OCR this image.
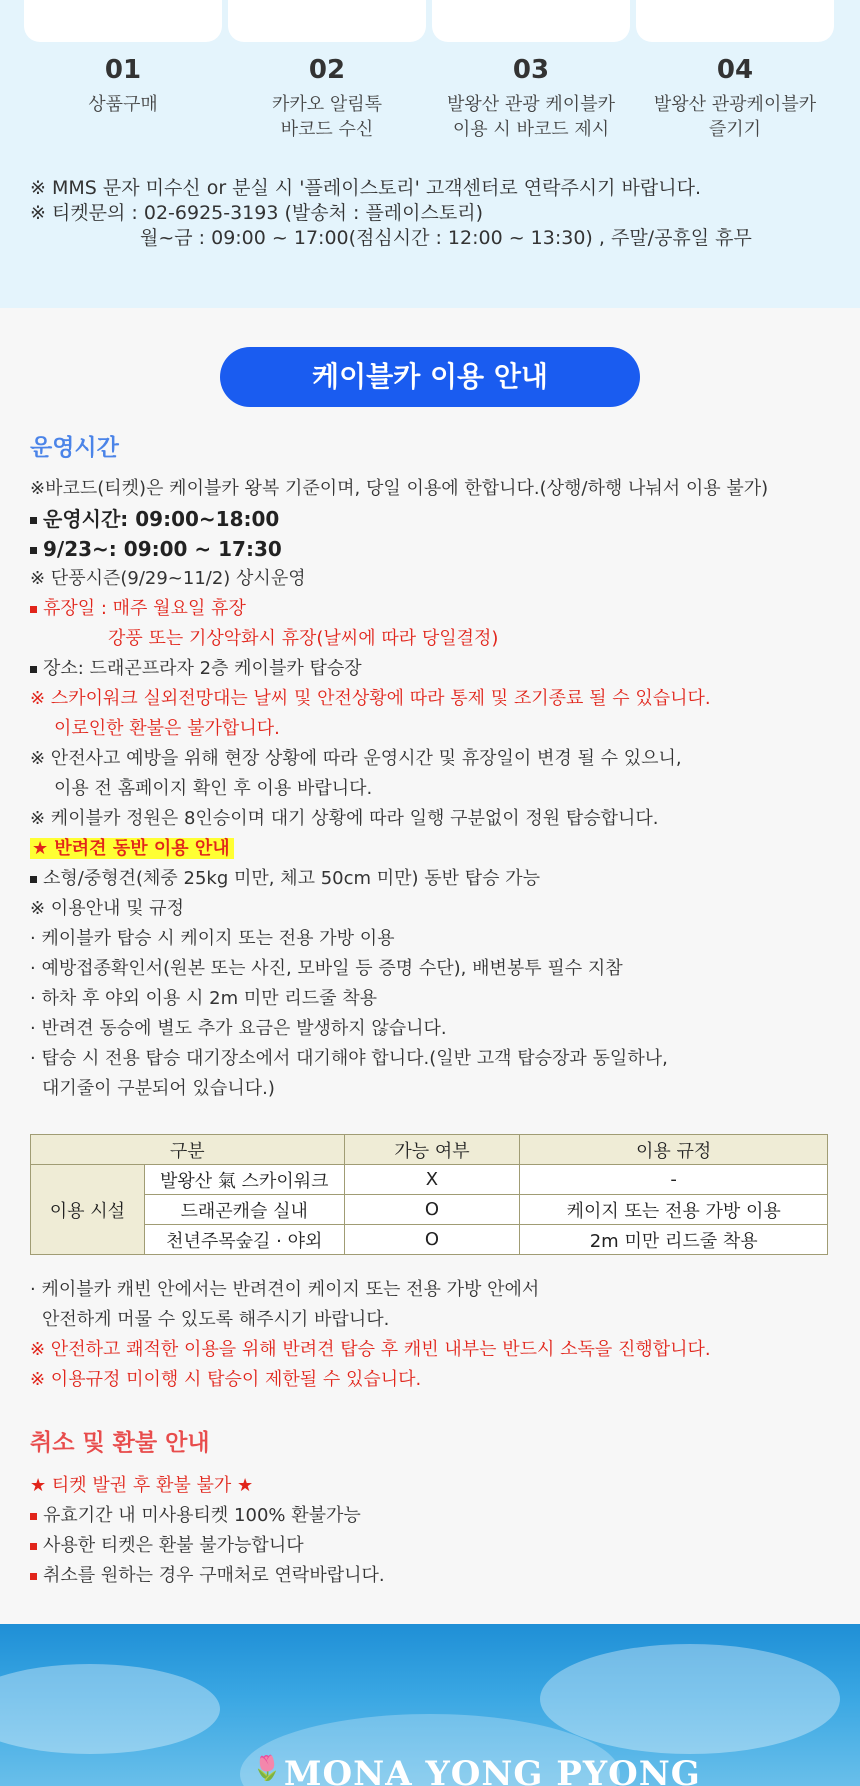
01
상품구매
02
카카오 알림톡
바코드 수신
03
발왕산 관광 케이블카
이용 시 바코드 제시
04
발왕산 관광케이블카
즐기기
※ MMS 문자 미수신 or 분실 시 '플레이스토리' 고객센터로 연락주시기 바랍니다.
※ 티켓문의 : 02-6925-3193 (발송처 : 플레이스토리)
월~금 : 09:00 ~ 17:00(점심시간 : 12:00 ~ 13:30) , 주말/공휴일 휴무
케이블카 이용 안내
운영시간
※바코드(티켓)은 케이블카 왕복 기준이며, 당일 이용에 한합니다.(상행/하행 나눠서 이용 불가)
운영시간: 09:00~18:00
9/23~: 09:00 ~ 17:30
※ 단풍시즌(9/29~11/2) 상시운영
휴장일 : 매주 월요일 휴장
강풍 또는 기상악화시 휴장(날씨에 따라 당일결정)
장소: 드래곤프라자 2층 케이블카 탑승장
※ 스카이워크 실외전망대는 날씨 및 안전상황에 따라 통제 및 조기종료 될 수 있습니다.
이로인한 환불은 불가합니다.
※ 안전사고 예방을 위해 현장 상황에 따라 운영시간 및 휴장일이 변경 될 수 있으니,
이용 전 홈페이지 확인 후 이용 바랍니다.
※ 케이블카 정원은 8인승이며 대기 상황에 따라 일행 구분없이 정원 탑승합니다.
★ 반려견 동반 이용 안내
소형/중형견(체중 25kg 미만, 체고 50cm 미만) 동반 탑승 가능
※ 이용안내 및 규정
· 케이블카 탑승 시 케이지 또는 전용 가방 이용
· 예방접종확인서(원본 또는 사진, 모바일 등 증명 수단), 배변봉투 필수 지참
· 하차 후 야외 이용 시 2m 미만 리드줄 착용
· 반려견 동승에 별도 추가 요금은 발생하지 않습니다.
· 탑승 시 전용 탑승 대기장소에서 대기해야 합니다.(일반 고객 탑승장과 동일하나,
대기줄이 구분되어 있습니다.)
구분		가능 여부	이용 규정
이용 시설	발왕산 氣 스카이워크	X	-
	드래곤캐슬 실내	O	케이지 또는 전용 가방 이용
	천년주목숲길 · 야외	O	2m 미만 리드줄 착용
· 케이블카 캐빈 안에서는 반려견이 케이지 또는 전용 가방 안에서
안전하게 머물 수 있도록 해주시기 바랍니다.
※ 안전하고 쾌적한 이용을 위해 반려견 탑승 후 캐빈 내부는 반드시 소독을 진행합니다.
※ 이용규정 미이행 시 탑승이 제한될 수 있습니다.
취소 및 환불 안내
★ 티켓 발권 후 환불 불가 ★
유효기간 내 미사용티켓 100% 환불가능
사용한 티켓은 환불 불가능합니다
취소를 원하는 경우 구매처로 연락바랍니다.
🌷MONA YONG PYONG
